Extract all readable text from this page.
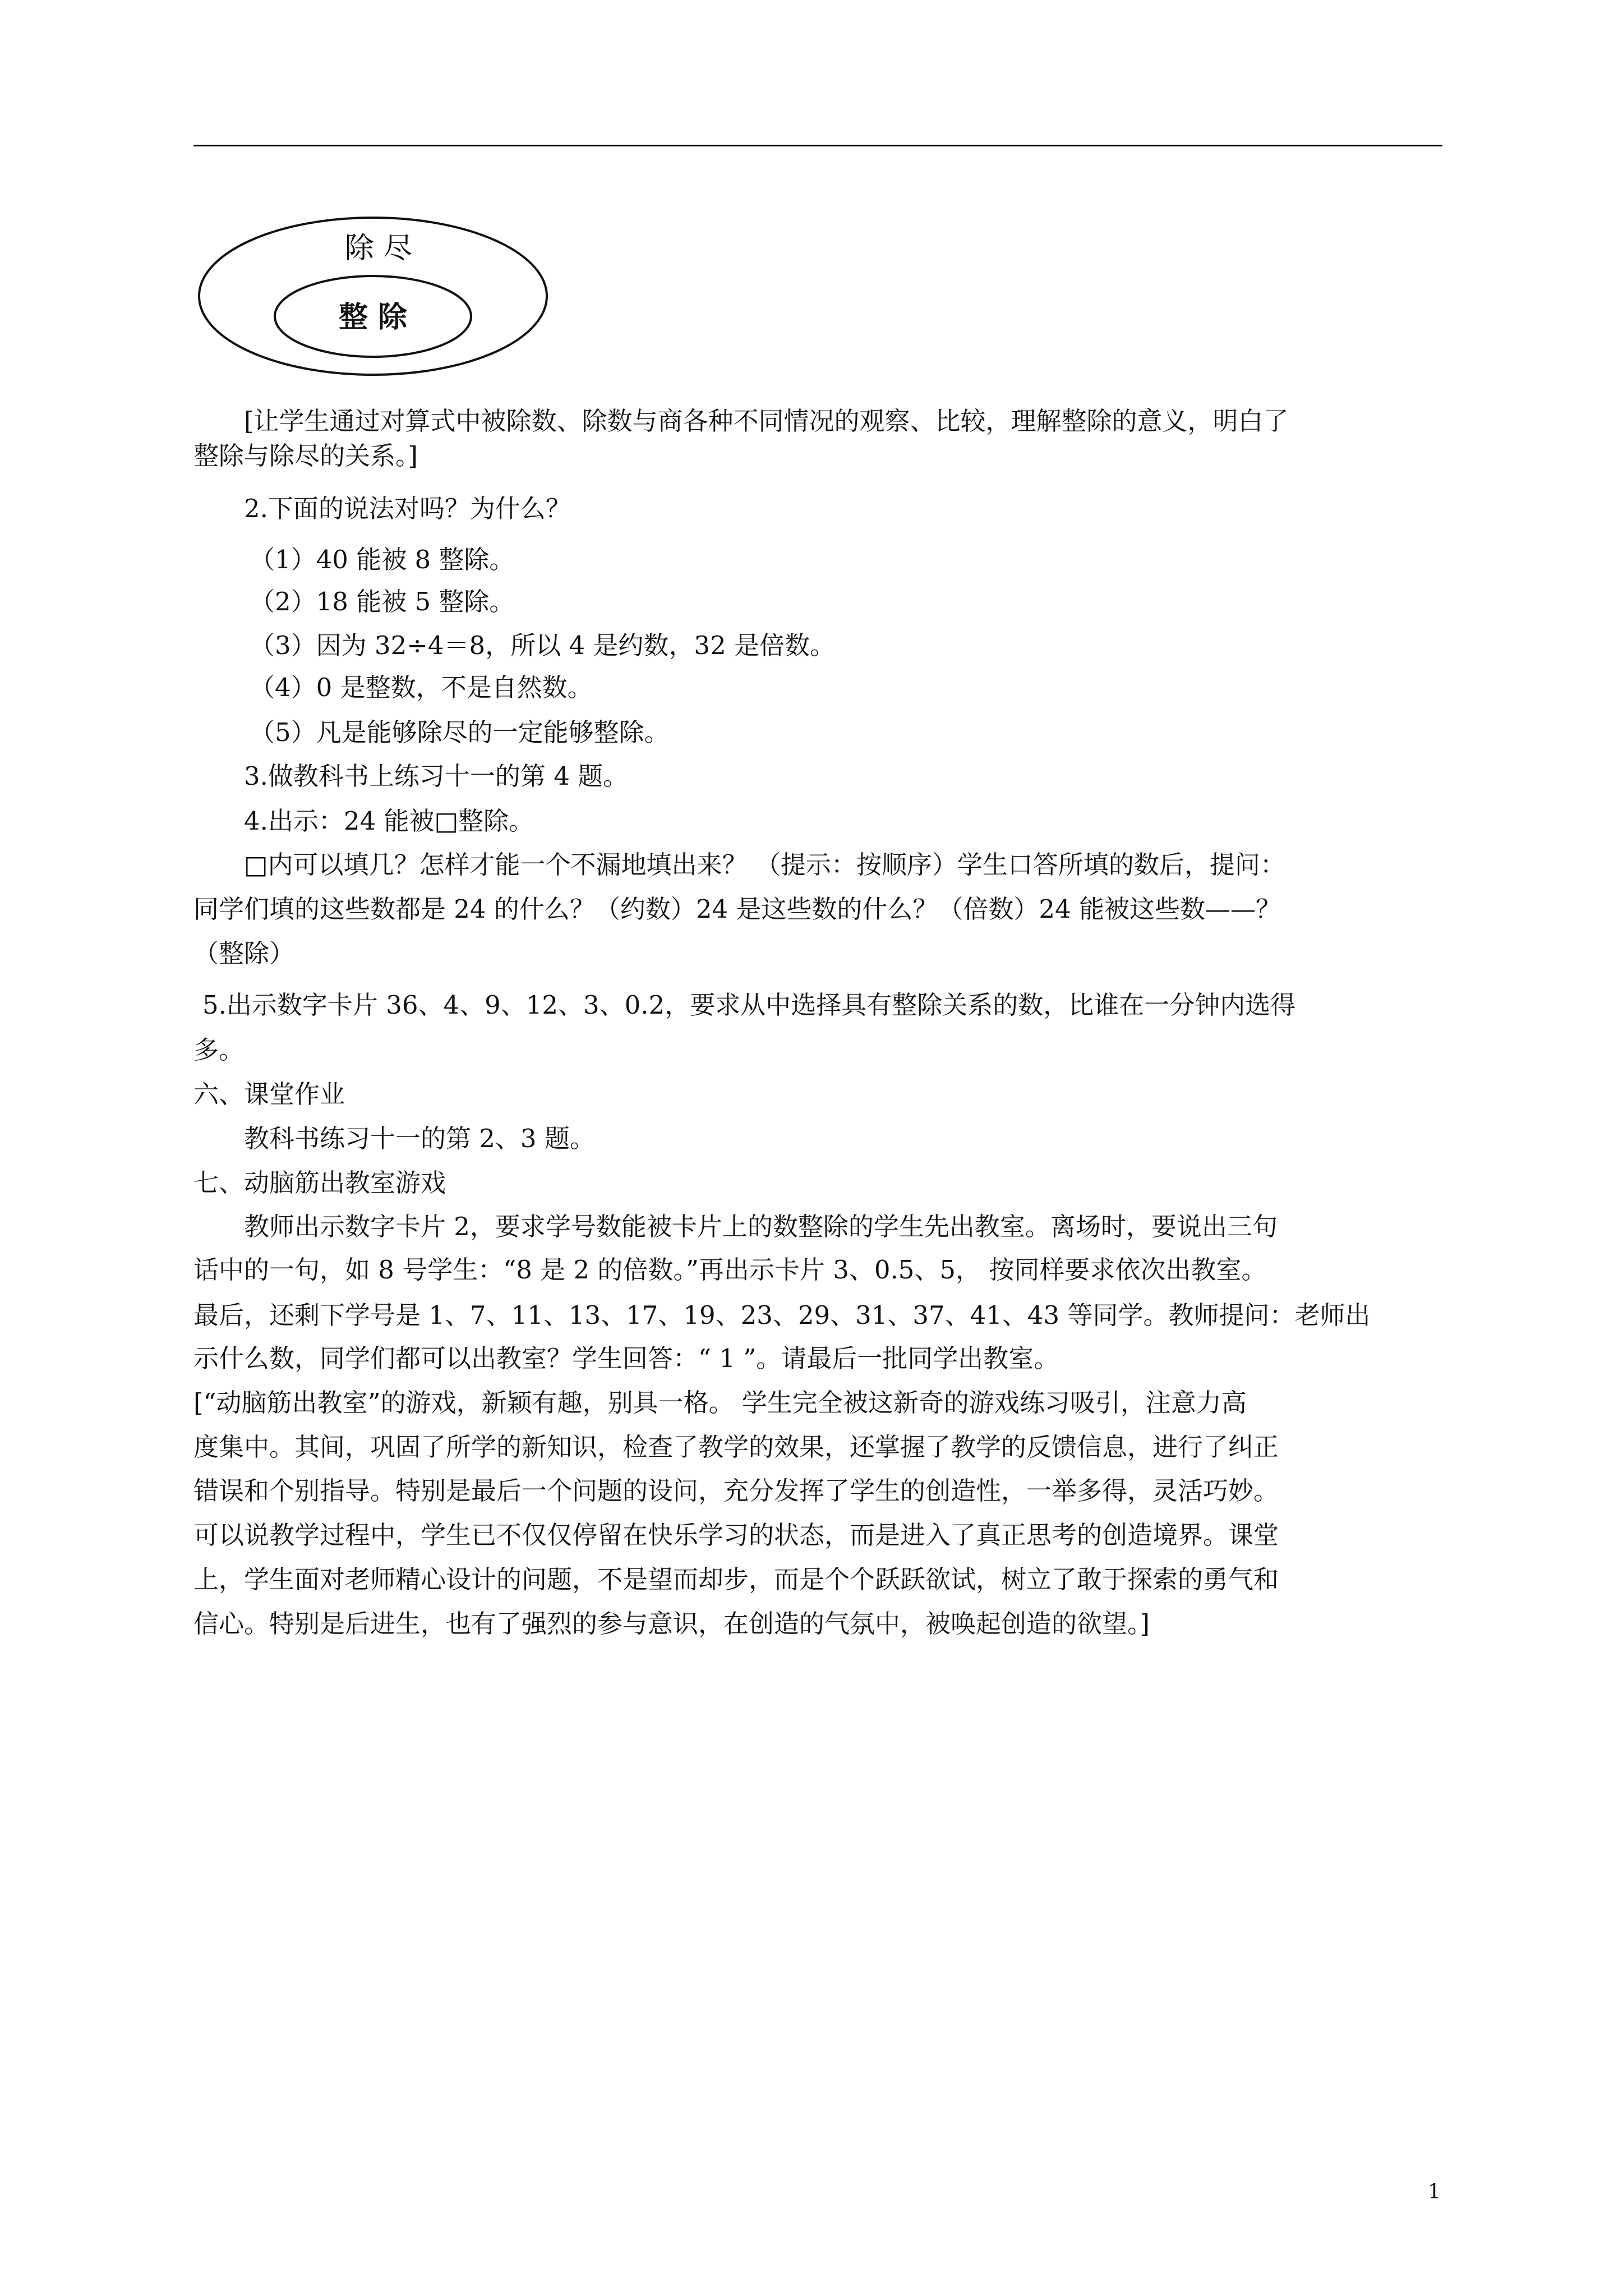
除 尽
整 除
[让学生通过对算式中被除数、除数与商各种不同情况的观察、比较，理解整除的意义，明白了
整除与除尽的关系。]
2.下面的说法对吗？为什么？
（1）40 能被 8 整除。
（2）18 能被 5 整除。
（3）因为 32÷4＝8，所以 4 是约数，32 是倍数。
（4）0 是整数，不是自然数。
（5）凡是能够除尽的一定能够整除。
3.做教科书上练习十一的第 4 题。
4.出示：24 能被□整除。
□内可以填几？怎样才能一个不漏地填出来？ （提示：按顺序）学生口答所填的数后，提问：
同学们填的这些数都是 24 的什么？（约数）24 是这些数的什么？（倍数）24 能被这些数——？
（整除）
5.出示数字卡片 36、4、9、12、3、0.2，要求从中选择具有整除关系的数，比谁在一分钟内选得
多。
六、课堂作业
教科书练习十一的第 2、3 题。
七、动脑筋出教室游戏
教师出示数字卡片 2，要求学号数能被卡片上的数整除的学生先出教室。离场时，要说出三句
话中的一句，如 8 号学生：“8 是 2 的倍数。”再出示卡片 3、0.5、5， 按同样要求依次出教室。
最后，还剩下学号是 1、7、11、13、17、19、23、29、31、37、41、43 等同学。教师提问：老师出
示什么数，同学们都可以出教室？学生回答：“ 1 ”。请最后一批同学出教室。
[“动脑筋出教室”的游戏，新颖有趣，别具一格。 学生完全被这新奇的游戏练习吸引，注意力高
度集中。其间，巩固了所学的新知识，检查了教学的效果，还掌握了教学的反馈信息，进行了纠正
错误和个别指导。特别是最后一个问题的设问，充分发挥了学生的创造性，一举多得，灵活巧妙。
可以说教学过程中，学生已不仅仅停留在快乐学习的状态，而是进入了真正思考的创造境界。课堂
上，学生面对老师精心设计的问题，不是望而却步，而是个个跃跃欲试，树立了敢于探索的勇气和
信心。特别是后进生，也有了强烈的参与意识，在创造的气氛中，被唤起创造的欲望。]
1
